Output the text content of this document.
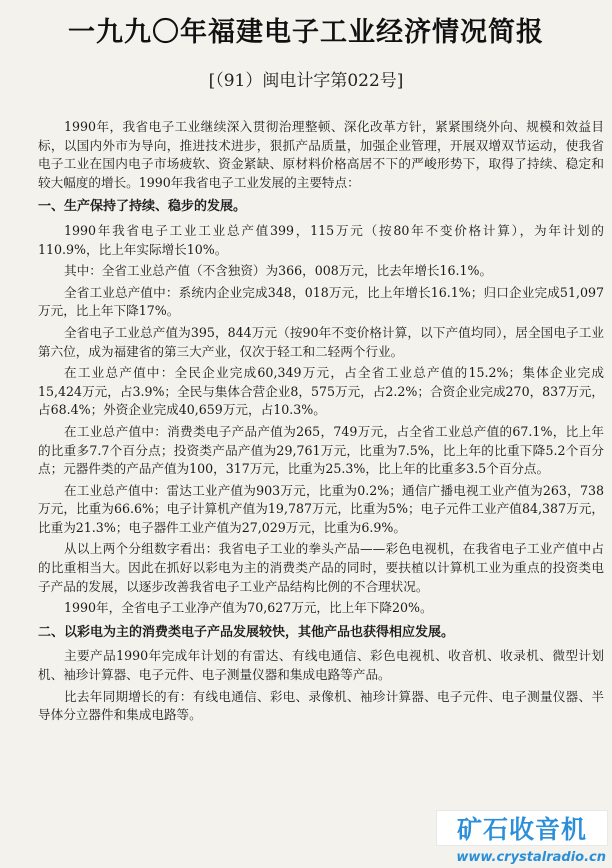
一九九〇年福建电子工业经济情况简报
[（91）闽电计字第022号]

1990年，我省电子工业继续深入贯彻治理整顿、深化改革方针，紧紧围绕外向、规模和效益目标，以国内外市为导向，推进技术进步，狠抓产品质量，加强企业管理，开展双增双节运动，使我省电子工业在国内电子市场疲软、资金紧缺、原材料价格高居不下的严峻形势下，取得了持续、稳定和较大幅度的增长。1990年我省电子工业发展的主要特点：

一、生产保持了持续、稳步的发展。

1990年我省电子工业工业总产值399，115万元（按80年不变价格计算），为年计划的110.9%，比上年实际增长10%。

其中：全省工业总产值（不含独资）为366，008万元，比去年增长16.1%。

全省工业总产值中：系统内企业完成348，018万元，比上年增长16.1%；归口企业完成51,097万元，比上年下降17%。

全省电子工业总产值为395，844万元（按90年不变价格计算，以下产值均同），居全国电子工业第六位，成为福建省的第三大产业，仅次于轻工和二轻两个行业。

在工业总产值中：全民企业完成60,349万元，占全省工业总产值的15.2%；集体企业完成15,424万元，占3.9%；全民与集体合营企业8，575万元，占2.2%；合资企业完成270，837万元，占68.4%；外资企业完成40,659万元，占10.3%。

在工业总产值中：消费类电子产品产值为265，749万元，占全省工业总产值的67.1%，比上年的比重多7.7个百分点；投资类产品产值为29,761万元，比重为7.5%，比上年的比重下降5.2个百分点；元器件类的产品产值为100，317万元，比重为25.3%，比上年的比重多3.5个百分点。

在工业总产值中：雷达工业产值为903万元，比重为0.2%；通信广播电视工业产值为263，738万元，比重为66.6%；电子计算机产值为19,787万元，比重为5%；电子元件工业产值84,387万元，比重为21.3%；电子器件工业产值为27,029万元，比重为6.9%。

从以上两个分组数字看出：我省电子工业的拳头产品——彩色电视机，在我省电子工业产值中占的比重相当大。因此在抓好以彩电为主的消费类产品的同时，要扶植以计算机工业为重点的投资类电子产品的发展，以逐步改善我省电子工业产品结构比例的不合理状况。

1990年，全省电子工业净产值为70,627万元，比上年下降20%。

二、以彩电为主的消费类电子产品发展较快，其他产品也获得相应发展。

主要产品1990年完成年计划的有雷达、有线电通信、彩色电视机、收音机、收录机、微型计划机、袖珍计算器、电子元件、电子测量仪器和集成电路等产品。

比去年同期增长的有：有线电通信、彩电、录像机、袖珍计算器、电子元件、电子测量仪器、半导体分立器件和集成电路等。

矿石收音机
www.crystalradio.cn
